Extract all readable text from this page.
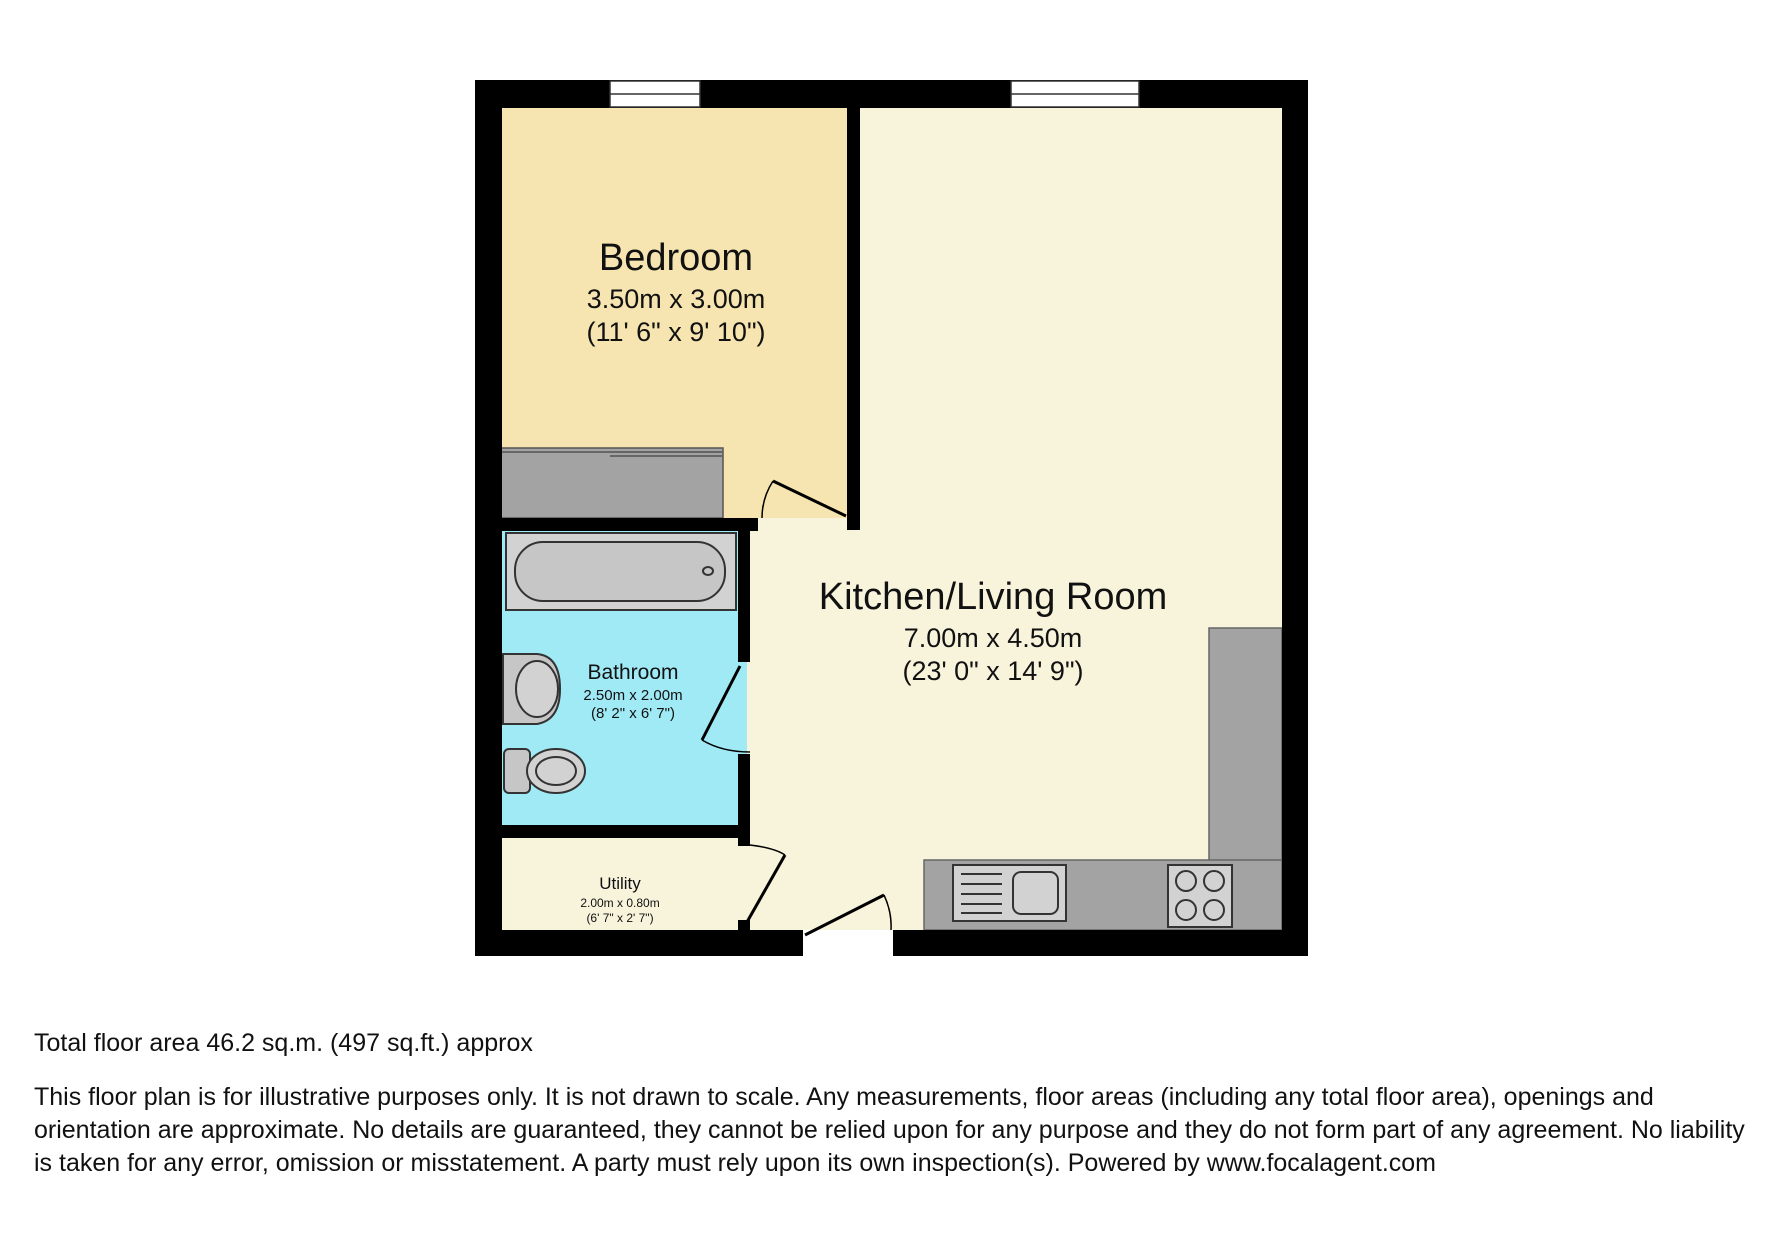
Bedroom
3.50m x 3.00m
(11' 6" x 9' 10")
Kitchen/Living Room
7.00m x 4.50m
(23' 0" x 14' 9")
Bathroom
2.50m x 2.00m
(8' 2" x 6' 7")
Utility
2.00m x 0.80m
(6' 7" x 2' 7")
Total floor area 46.2 sq.m. (497 sq.ft.) approx
This floor plan is for illustrative purposes only. It is not drawn to scale. Any measurements, floor areas (including any total floor area), openings and orientation are approximate. No details are guaranteed, they cannot be relied upon for any purpose and they do not form part of any agreement. No liability is taken for any error, omission or misstatement. A party must rely upon its own inspection(s). Powered by www.focalagent.com
